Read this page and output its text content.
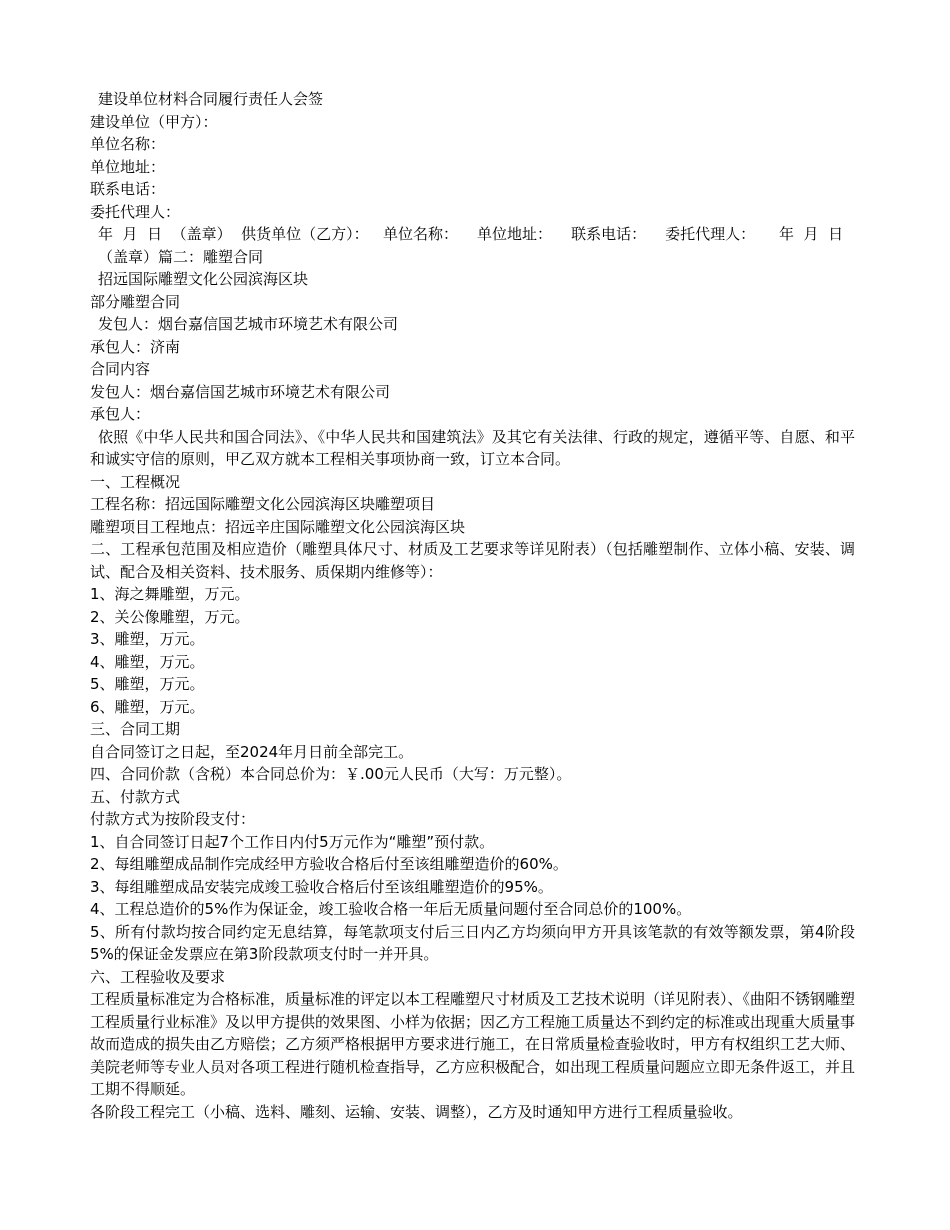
建设单位材料合同履行责任人会签
建设单位（甲方）：
单位名称：
单位地址：
联系电话：
委托代理人：
年  月  日  （盖章）  供货单位（乙方）：   单位名称：    单位地址：    联系电话：    委托代理人：     年  月  日
（盖章）篇二：雕塑合同
招远国际雕塑文化公园滨海区块
部分雕塑合同
发包人：烟台嘉信国艺城市环境艺术有限公司
承包人：济南
合同内容
发包人：烟台嘉信国艺城市环境艺术有限公司
承包人：
依照《中华人民共和国合同法》、《中华人民共和国建筑法》及其它有关法律、行政的规定，遵循平等、自愿、和平和诚实守信的原则，甲乙双方就本工程相关事项协商一致，订立本合同。
一、工程概况
工程名称：招远国际雕塑文化公园滨海区块雕塑项目
雕塑项目工程地点：招远辛庄国际雕塑文化公园滨海区块
二、工程承包范围及相应造价（雕塑具体尺寸、材质及工艺要求等详见附表）（包括雕塑制作、立体小稿、安装、调试、配合及相关资料、技术服务、质保期内维修等）：
1、海之舞雕塑，万元。
2、关公像雕塑，万元。
3、雕塑，万元。
4、雕塑，万元。
5、雕塑，万元。
6、雕塑，万元。
三、合同工期
自合同签订之日起，至2024年月日前全部完工。
四、合同价款（含税）本合同总价为：￥.00元人民币（大写：万元整）。
五、付款方式
付款方式为按阶段支付：
1、自合同签订日起7个工作日内付5万元作为“雕塑”预付款。
2、每组雕塑成品制作完成经甲方验收合格后付至该组雕塑造价的60%。
3、每组雕塑成品安装完成竣工验收合格后付至该组雕塑造价的95%。
4、工程总造价的5%作为保证金，竣工验收合格一年后无质量问题付至合同总价的100%。
5、所有付款均按合同约定无息结算，每笔款项支付后三日内乙方均须向甲方开具该笔款的有效等额发票，第4阶段5%的保证金发票应在第3阶段款项支付时一并开具。
六、工程验收及要求
工程质量标准定为合格标准，质量标准的评定以本工程雕塑尺寸材质及工艺技术说明（详见附表）、《曲阳不锈钢雕塑工程质量行业标准》及以甲方提供的效果图、小样为依据；因乙方工程施工质量达不到约定的标准或出现重大质量事故而造成的损失由乙方赔偿；乙方须严格根据甲方要求进行施工，在日常质量检查验收时，甲方有权组织工艺大师、美院老师等专业人员对各项工程进行随机检查指导，乙方应积极配合，如出现工程质量问题应立即无条件返工，并且工期不得顺延。
各阶段工程完工（小稿、选料、雕刻、运输、安装、调整），乙方及时通知甲方进行工程质量验收。
